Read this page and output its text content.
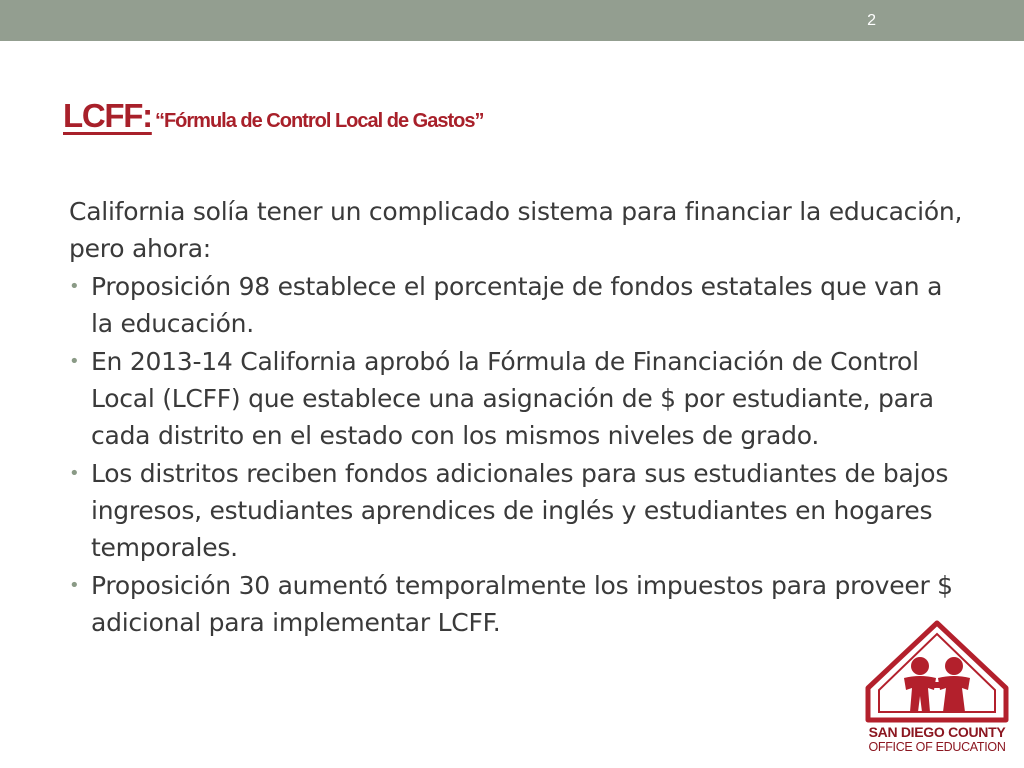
2
LCFF: “Fórmula de Control Local de Gastos”

California solía tener un complicado sistema para financiar la educación, pero ahora:

• Proposición 98 establece el porcentaje de fondos estatales que van a la educación.
• En 2013-14 California aprobó la Fórmula de Financiación de Control Local (LCFF) que establece una asignación de $ por estudiante, para cada distrito en el estado con los mismos niveles de grado.
• Los distritos reciben fondos adicionales para sus estudiantes de bajos ingresos, estudiantes aprendices de inglés y estudiantes en hogares temporales.
• Proposición 30 aumentó temporalmente los impuestos para proveer $ adicional para implementar LCFF.
SAN DIEGO COUNTY
OFFICE OF EDUCATION
